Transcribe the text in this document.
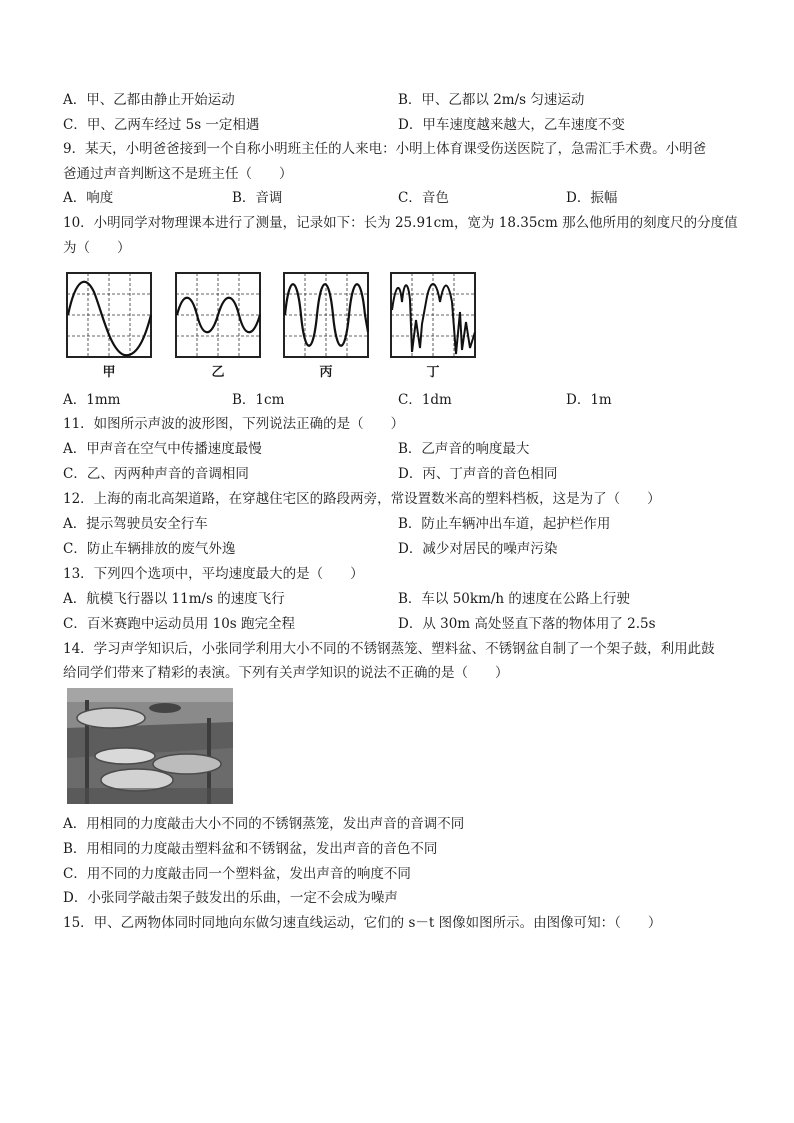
A．甲、乙都由静止开始运动	B．甲、乙都以 2m/s 匀速运动
C．甲、乙两车经过 5s 一定相遇	D．甲车速度越来越大，乙车速度不变
9．某天，小明爸爸接到一个自称小明班主任的人来电：小明上体育课受伤送医院了，急需汇手术费。小明爸
爸通过声音判断这不是班主任（　　）
A．响度	B．音调	C．音色	D．振幅
10．小明同学对物理课本进行了测量，记录如下：长为 25.91cm，宽为 18.35cm 那么他所用的刻度尺的分度值
为（　　）
甲	乙	丙	丁
A．1mm	B．1cm	C．1dm	D．1m
11．如图所示声波的波形图，下列说法正确的是（　　）
A．甲声音在空气中传播速度最慢	B．乙声音的响度最大
C．乙、丙两种声音的音调相同	D．丙、丁声音的音色相同
12．上海的南北高架道路，在穿越住宅区的路段两旁，常设置数米高的塑料档板，这是为了（　　）
A．提示驾驶员安全行车	B．防止车辆冲出车道，起护栏作用
C．防止车辆排放的废气外逸	D．减少对居民的噪声污染
13．下列四个选项中，平均速度最大的是（　　）
A．航模飞行器以 11m/s 的速度飞行	B．车以 50km/h 的速度在公路上行驶
C．百米赛跑中运动员用 10s 跑完全程	D．从 30m 高处竖直下落的物体用了 2.5s
14．学习声学知识后，小张同学利用大小不同的不锈钢蒸笼、塑料盆、不锈钢盆自制了一个架子鼓，利用此鼓
给同学们带来了精彩的表演。下列有关声学知识的说法不正确的是（　　）
A．用相同的力度敲击大小不同的不锈钢蒸笼，发出声音的音调不同
B．用相同的力度敲击塑料盆和不锈钢盆，发出声音的音色不同
C．用不同的力度敲击同一个塑料盆，发出声音的响度不同
D．小张同学敲击架子鼓发出的乐曲，一定不会成为噪声
15．甲、乙两物体同时同地向东做匀速直线运动，它们的 s－t 图像如图所示。由图像可知：（　　）
